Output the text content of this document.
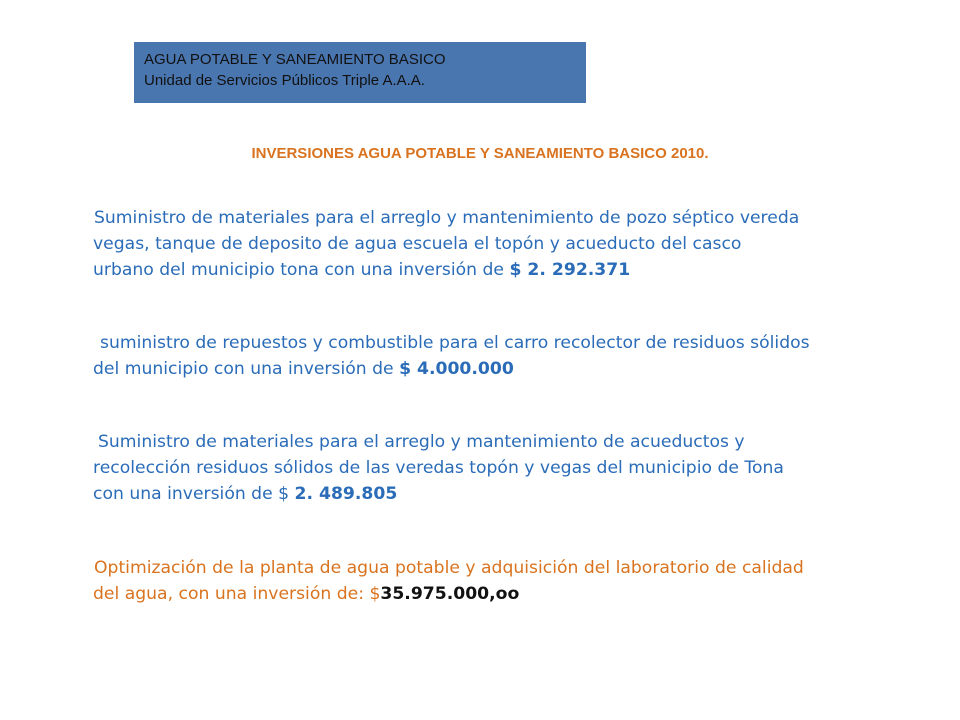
AGUA POTABLE Y SANEAMIENTO BASICO
Unidad de Servicios Públicos Triple A.A.A.
INVERSIONES AGUA POTABLE Y SANEAMIENTO BASICO 2010.
Suministro de materiales para el arreglo y mantenimiento de pozo séptico vereda
vegas, tanque de deposito de agua escuela el topón y acueducto del casco
urbano del municipio tona con una inversión de $ 2. 292.371
suministro de repuestos y combustible para el carro recolector de residuos sólidos
del municipio con una inversión de $ 4.000.000
Suministro de materiales para el arreglo y mantenimiento de acueductos y
recolección residuos sólidos de las veredas topón y vegas del municipio de Tona
con una inversión de $ 2. 489.805
Optimización de la planta de agua potable y adquisición del laboratorio de calidad
del agua, con una inversión de: $35.975.000,oo
